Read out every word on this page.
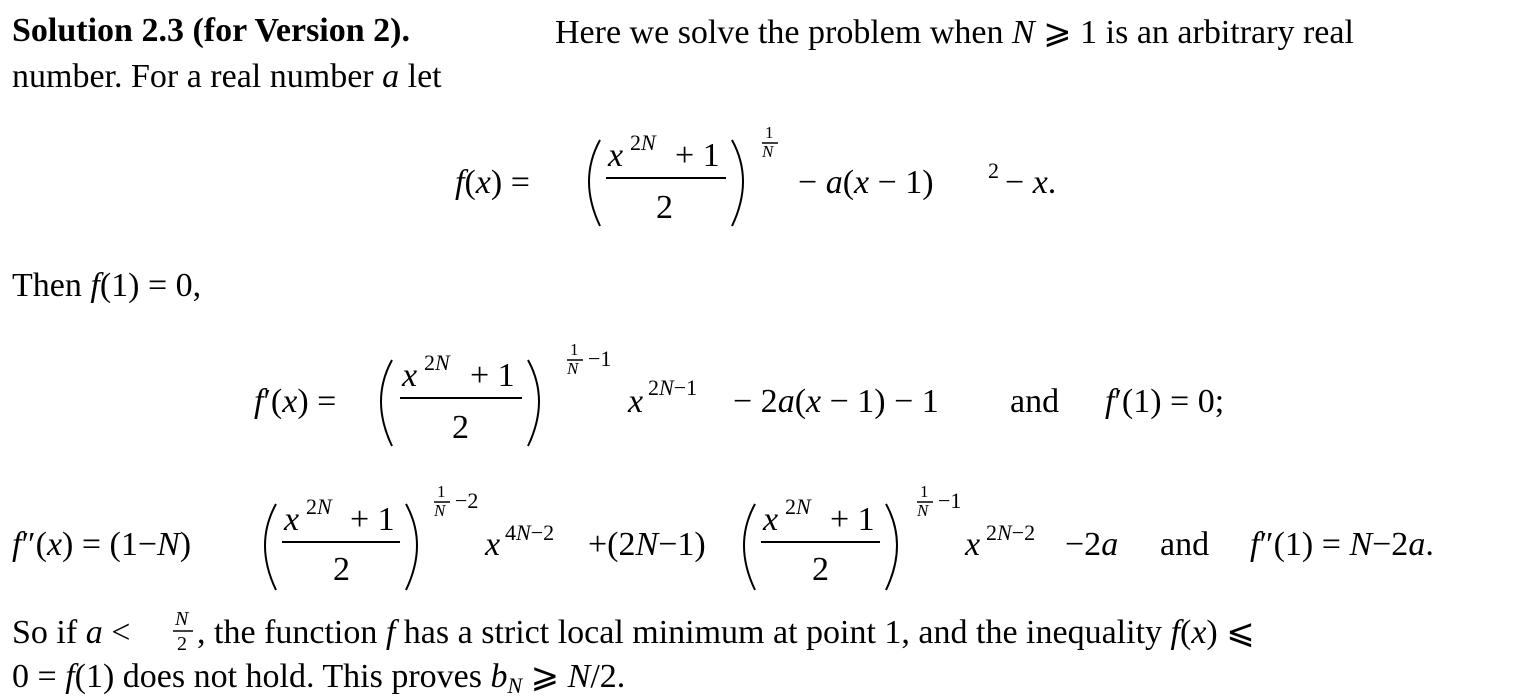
Solution 2.3 (for Version 2).	Here we solve the problem when N ⩾ 1 is an arbitrary real
number. For a real number a let
f(x) =
x 2N + 1
2
1
N
− a(x − 1) 2 − x.
Then f(1) = 0,
f′(x) =
x 2N + 1
2
1
N −1
x 2N−1 − 2a(x − 1) − 1 and f′(1) = 0;
f″(x) = (1−N)
x 2N + 1
2
1
N −2
x 4N−2 +(2N−1)
x 2N + 1
2
1
N −1
x 2N−2 −2a and f″(1) = N−2a.
So if a < N
2 , the function f has a strict local minimum at point 1, and the inequality f(x) ⩽
0 = f(1) does not hold. This proves bN ⩾ N/2.
